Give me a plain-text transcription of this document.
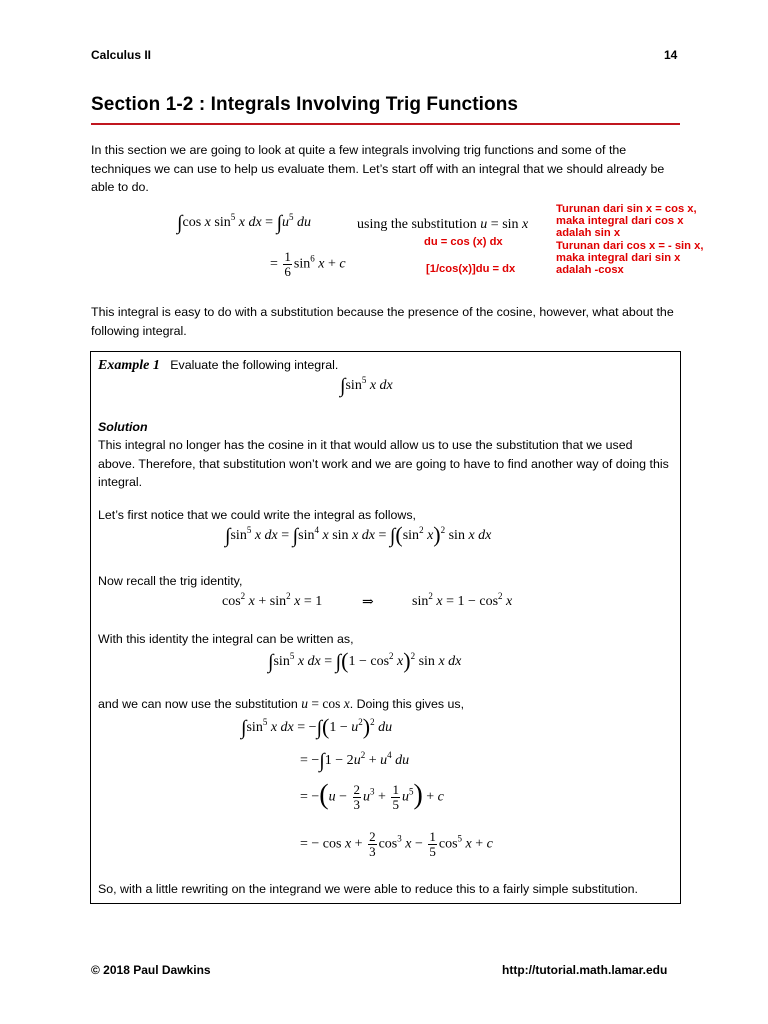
Calculus II	14
Section 1-2 : Integrals Involving Trig Functions
In this section we are going to look at quite a few integrals involving trig functions and some of the techniques we can use to help us evaluate them. Let’s start off with an integral that we should already be able to do.
∫cos x $\sin^5 x$ dx = $\int u^5$ du	using the substitution u = sin x
= $\frac{1}{6} \sin^6 x + c$
Turunan dari sin x = cos x,
maka integral dari cos x
adalah sin x
Turunan dari cos x = - sin x,
maka integral dari sin x
adalah -cosx
du = cos (x) dx
[1/cos(x)]du = dx
This integral is easy to do with a substitution because the presence of the cosine, however, what about the following integral.
Example 1 Evaluate the following integral.
$\int\sin^5$ x dx
Solution
This integral no longer has the cosine in it that would allow us to use the substitution that we used above. Therefore, that substitution won’t work and we are going to have to find another way of doing this integral.
Let’s first notice that we could write the integral as follows,
$\int\sin^5$ x dx = $\int\sin^4$ x sin x dx = $\int(\sin^2$ x)$^2$ sin x dx
Now recall the trig identity,
$\cos^2 x + \sin^2 x = 1$	⇒	$\sin^2 x = 1 - \cos^2 x$
With this identity the integral can be written as,
$\int\sin^5$ x dx = $\int(1 - \cos^2 x)^2$ sin x dx
and we can now use the substitution u = cos x. Doing this gives us,
$\int\sin^5$ x dx = $-\int(1 - u^2)^2$ du
= $-\int 1 - 2u^2 + u^4$ du
= $-(u - \frac{2}{3} u^3 + \frac{1}{5} u^5) + c$
= − $\cos x + \frac{2}{3} \cos^3 x - \frac{1}{5} \cos^5 x + c$
So, with a little rewriting on the integrand we were able to reduce this to a fairly simple substitution.
© 2018 Paul Dawkins	http://tutorial.math.lamar.edu
